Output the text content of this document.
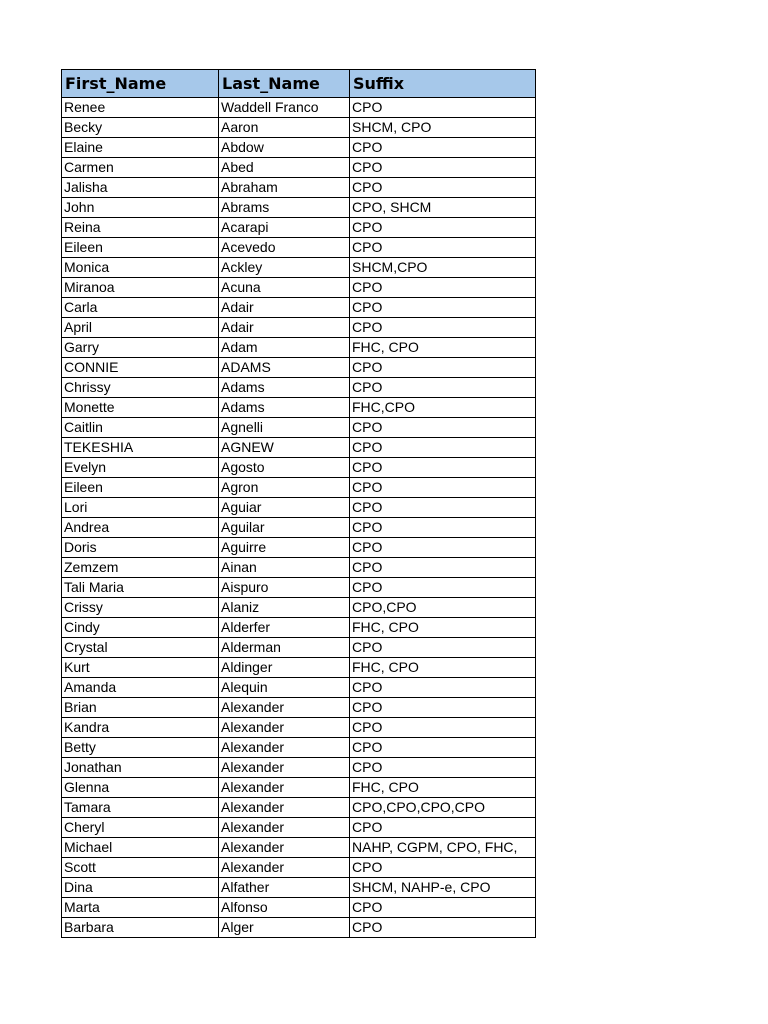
First_Name	Last_Name	Suffix
Renee	Waddell Franco	CPO
Becky	Aaron	SHCM, CPO
Elaine	Abdow	CPO
Carmen	Abed	CPO
Jalisha	Abraham	CPO
John	Abrams	CPO, SHCM
Reina	Acarapi	CPO
Eileen	Acevedo	CPO
Monica	Ackley	SHCM,CPO
Miranoa	Acuna	CPO
Carla	Adair	CPO
April	Adair	CPO
Garry	Adam	FHC, CPO
CONNIE	ADAMS	CPO
Chrissy	Adams	CPO
Monette	Adams	FHC,CPO
Caitlin	Agnelli	CPO
TEKESHIA	AGNEW	CPO
Evelyn	Agosto	CPO
Eileen	Agron	CPO
Lori	Aguiar	CPO
Andrea	Aguilar	CPO
Doris	Aguirre	CPO
Zemzem	Ainan	CPO
Tali Maria	Aispuro	CPO
Crissy	Alaniz	CPO,CPO
Cindy	Alderfer	FHC, CPO
Crystal	Alderman	CPO
Kurt	Aldinger	FHC, CPO
Amanda	Alequin	CPO
Brian	Alexander	CPO
Kandra	Alexander	CPO
Betty	Alexander	CPO
Jonathan	Alexander	CPO
Glenna	Alexander	FHC, CPO
Tamara	Alexander	CPO,CPO,CPO,CPO
Cheryl	Alexander	CPO
Michael	Alexander	NAHP, CGPM, CPO, FHC,
Scott	Alexander	CPO
Dina	Alfather	SHCM, NAHP-e, CPO
Marta	Alfonso	CPO
Barbara	Alger	CPO
